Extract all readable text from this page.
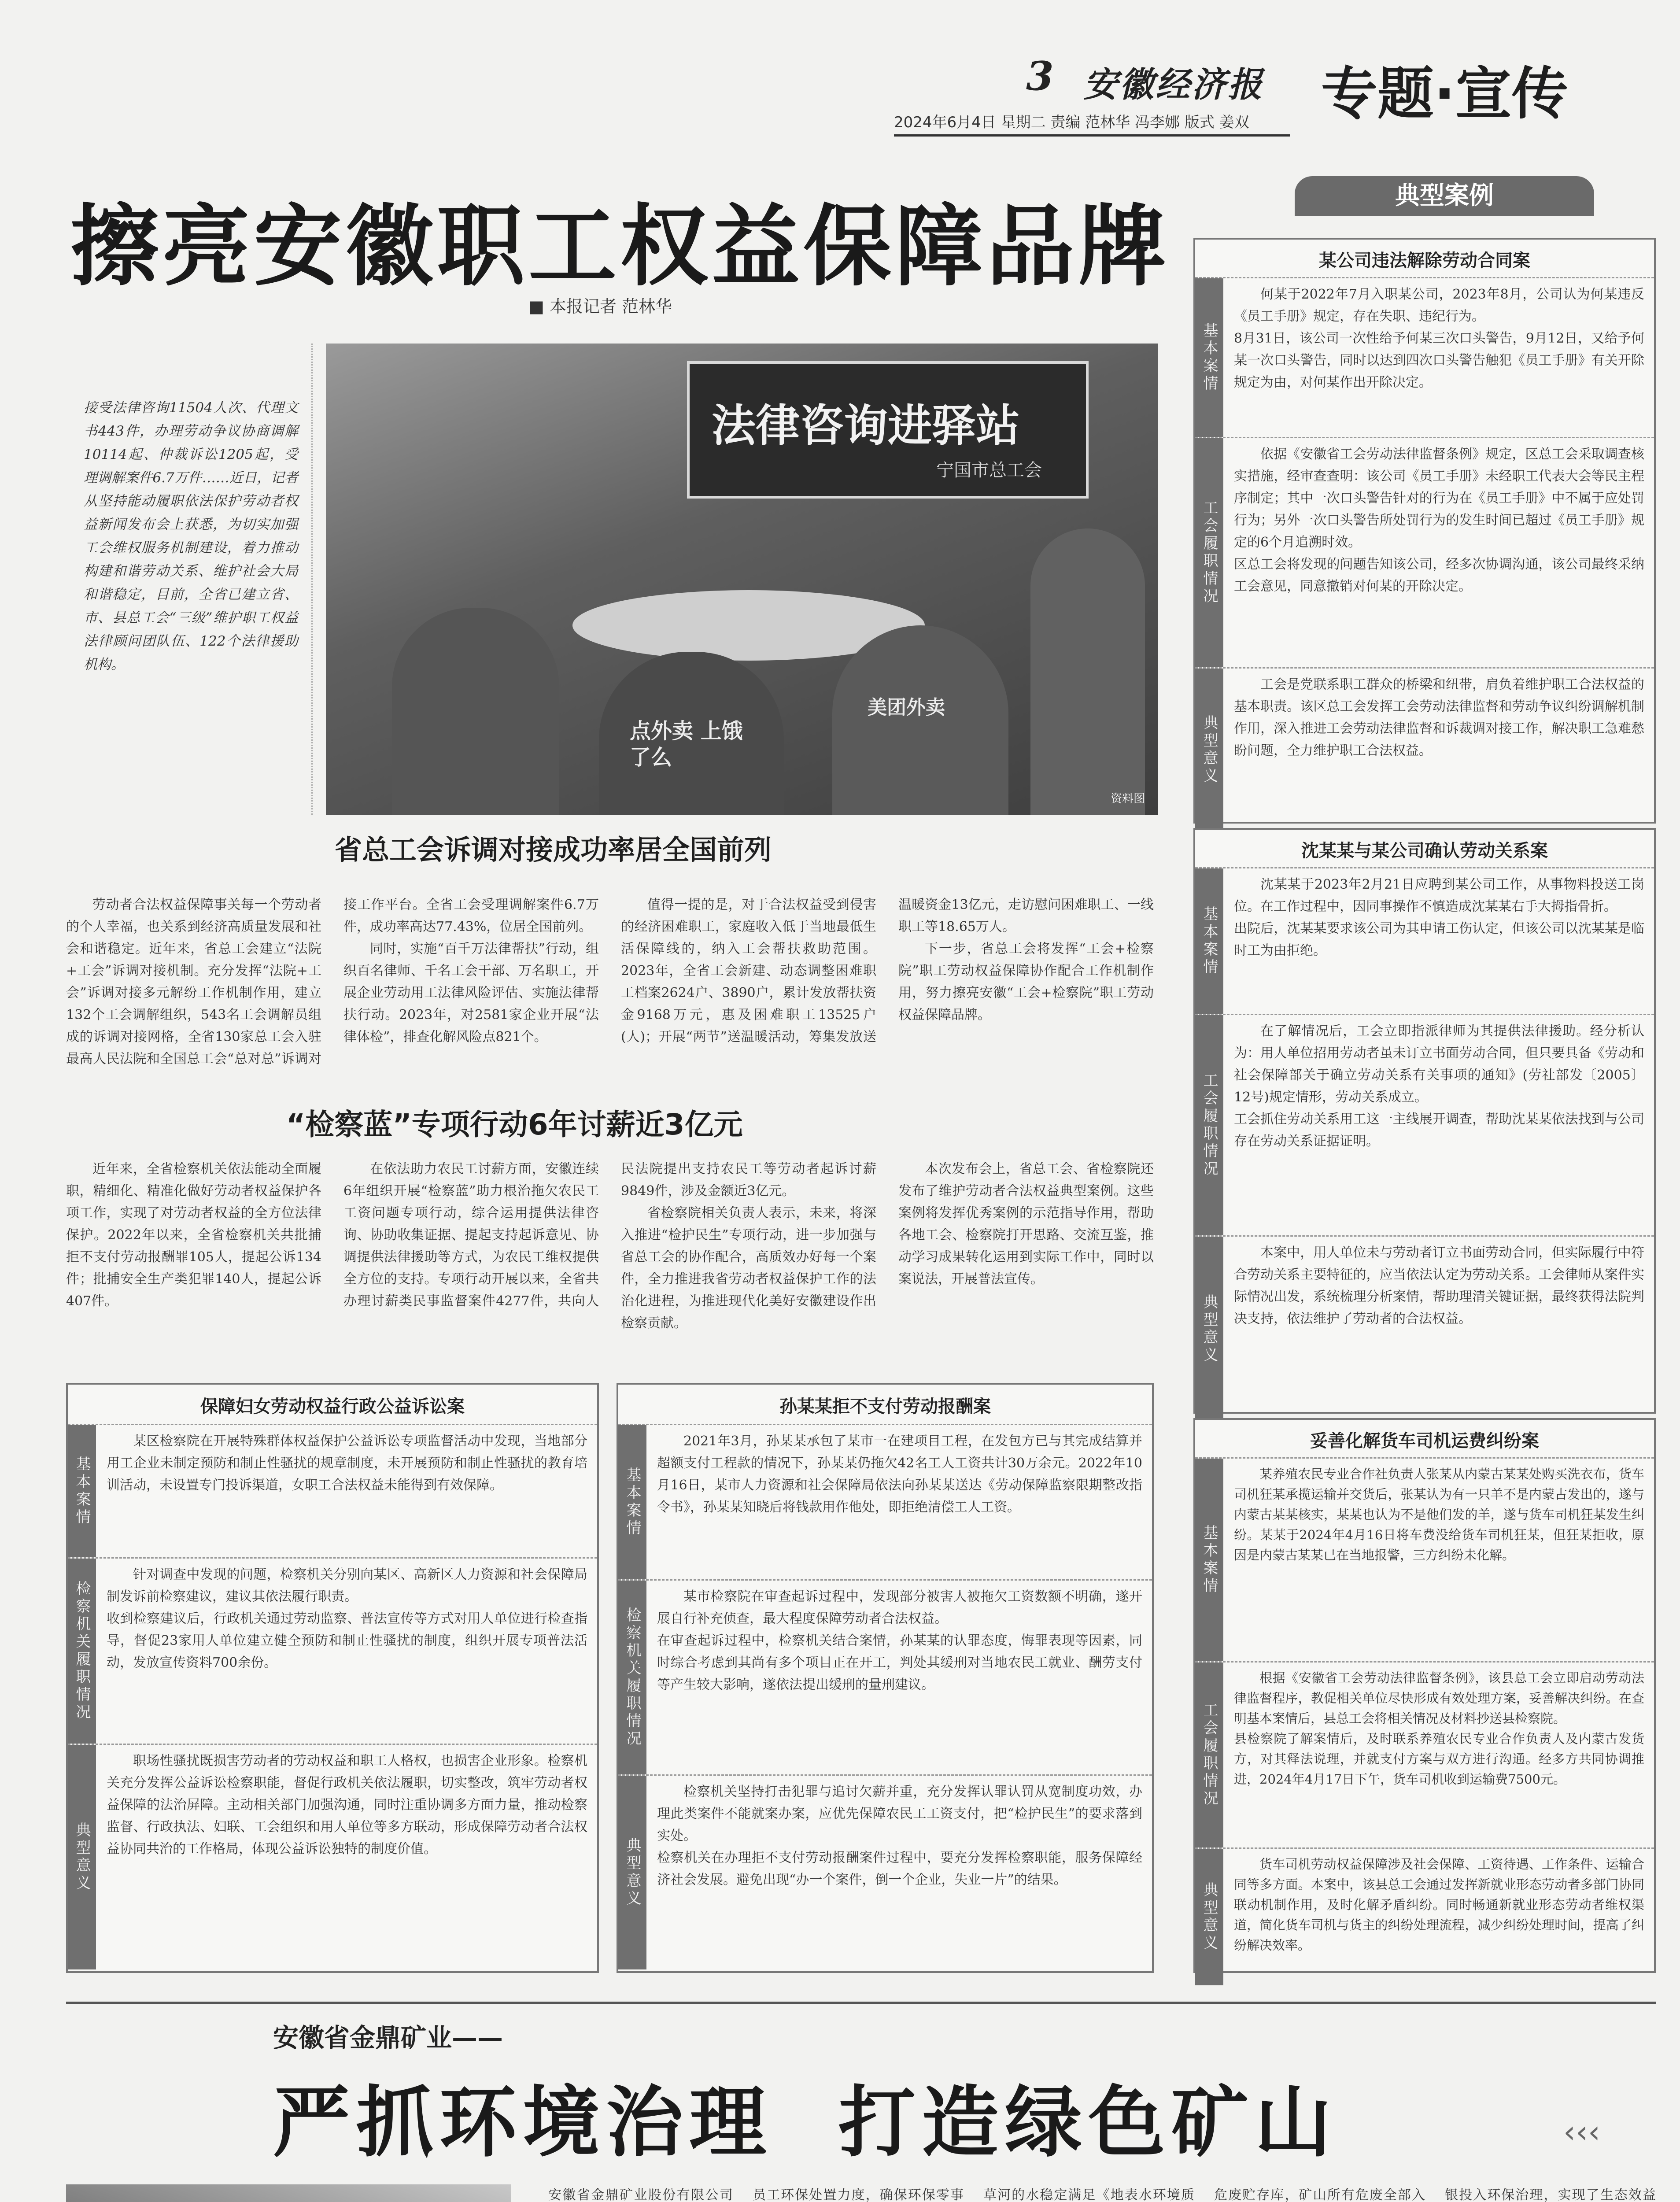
3 安徽经济报
2024年6月4日 星期二 责编 范林华 冯李娜 版式 姜双 专题·宣传
擦亮安徽职工权益保障品牌
■ 本报记者 范林华
接受法律咨询11504人次、代理文书443件，办理劳动争议协商调解10114起、仲裁诉讼1205起，受理调解案件6.7万件……近日，记者从坚持能动履职依法保护劳动者权益新闻发布会上获悉，为切实加强工会维权服务机制建设，着力推动构建和谐劳动关系、维护社会大局和谐稳定，目前，全省已建立省、市、县总工会“三级”维护职工权益法律顾问团队伍、122个法律援助机构。
法律咨询进驿站
宁国市总工会
点外卖 上饿了么
美团外卖
资料图
省总工会诉调对接成功率居全国前列

劳动者合法权益保障事关每一个劳动者的个人幸福，也关系到经济高质量发展和社会和谐稳定。近年来，省总工会建立“法院+工会”诉调对接机制。充分发挥“法院+工会”诉调对接多元解纷工作机制作用，建立132个工会调解组织，543名工会调解员组成的诉调对接网格，全省130家总工会入驻最高人民法院和全国总工会“总对总”诉调对接工作平台。全省工会受理调解案件6.7万件，成功率高达77.43%，位居全国前列。

同时，实施“百千万法律帮扶”行动，组织百名律师、千名工会干部、万名职工，开展企业劳动用工法律风险评估、实施法律帮扶行动。2023年，对2581家企业开展“法律体检”，排查化解风险点821个。

值得一提的是，对于合法权益受到侵害的经济困难职工，家庭收入低于当地最低生活保障线的，纳入工会帮扶救助范围。2023年，全省工会新建、动态调整困难职工档案2624户、3890户，累计发放帮扶资金9168万元，惠及困难职工13525户(人)；开展“两节”送温暖活动，筹集发放送温暖资金13亿元，走访慰问困难职工、一线职工等18.65万人。

下一步，省总工会将发挥“工会+检察院”职工劳动权益保障协作配合工作机制作用，努力擦亮安徽“工会+检察院”职工劳动权益保障品牌。

“检察蓝”专项行动6年讨薪近3亿元

近年来，全省检察机关依法能动全面履职，精细化、精准化做好劳动者权益保护各项工作，实现了对劳动者权益的全方位法律保护。2022年以来，全省检察机关共批捕拒不支付劳动报酬罪105人，提起公诉134件；批捕安全生产类犯罪140人，提起公诉407件。

在依法助力农民工讨薪方面，安徽连续6年组织开展“检察蓝”助力根治拖欠农民工工资问题专项行动，综合运用提供法律咨询、协助收集证据、提起支持起诉意见、协调提供法律援助等方式，为农民工维权提供全方位的支持。专项行动开展以来，全省共办理讨薪类民事监督案件4277件，共向人民法院提出支持农民工等劳动者起诉讨薪9849件，涉及金额近3亿元。

省检察院相关负责人表示，未来，将深入推进“检护民生”专项行动，进一步加强与省总工会的协作配合，高质效办好每一个案件，全力推进我省劳动者权益保护工作的法治化进程，为推进现代化美好安徽建设作出检察贡献。

本次发布会上，省总工会、省检察院还发布了维护劳动者合法权益典型案例。这些案例将发挥优秀案例的示范指导作用，帮助各地工会、检察院打开思路、交流互鉴，推动学习成果转化运用到实际工作中，同时以案说法，开展普法宣传。

保障妇女劳动权益行政公益诉讼案
基本案情
某区检察院在开展特殊群体权益保护公益诉讼专项监督活动中发现，当地部分用工企业未制定预防和制止性骚扰的规章制度，未开展预防和制止性骚扰的教育培训活动，未设置专门投诉渠道，女职工合法权益未能得到有效保障。
检察机关履职情况
针对调查中发现的问题，检察机关分别向某区、高新区人力资源和社会保障局制发诉前检察建议，建议其依法履行职责。
收到检察建议后，行政机关通过劳动监察、普法宣传等方式对用人单位进行检查指导，督促23家用人单位建立健全预防和制止性骚扰的制度，组织开展专项普法活动，发放宣传资料700余份。
典型意义
职场性骚扰既损害劳动者的劳动权益和职工人格权，也损害企业形象。检察机关充分发挥公益诉讼检察职能，督促行政机关依法履职，切实整改，筑牢劳动者权益保障的法治屏障。主动相关部门加强沟通，同时注重协调多方面力量，推动检察监督、行政执法、妇联、工会组织和用人单位等多方联动，形成保障劳动者合法权益协同共治的工作格局，体现公益诉讼独特的制度价值。
孙某某拒不支付劳动报酬案
基本案情
2021年3月，孙某某承包了某市一在建项目工程，在发包方已与其完成结算并超额支付工程款的情况下，孙某某仍拖欠42名工人工资共计30万余元。2022年10月16日，某市人力资源和社会保障局依法向孙某某送达《劳动保障监察限期整改指令书》，孙某某知晓后将钱款用作他处，即拒绝清偿工人工资。
检察机关履职情况
某市检察院在审查起诉过程中，发现部分被害人被拖欠工资数额不明确，遂开展自行补充侦查，最大程度保障劳动者合法权益。
在审查起诉过程中，检察机关结合案情，孙某某的认罪态度，悔罪表现等因素，同时综合考虑到其尚有多个项目正在开工，判处其缓刑对当地农民工就业、酬劳支付等产生较大影响，遂依法提出缓刑的量刑建议。
典型意义
检察机关坚持打击犯罪与追讨欠薪并重，充分发挥认罪认罚从宽制度功效，办理此类案件不能就案办案，应优先保障农民工工资支付，把“检护民生”的要求落到实处。
检察机关在办理拒不支付劳动报酬案件过程中，要充分发挥检察职能，服务保障经济社会发展。避免出现“办一个案件，倒一个企业，失业一片”的结果。
典型案例
某公司违法解除劳动合同案
基本案情
何某于2022年7月入职某公司，2023年8月，公司认为何某违反《员工手册》规定，存在失职、违纪行为。
8月31日，该公司一次性给予何某三次口头警告，9月12日，又给予何某一次口头警告，同时以达到四次口头警告触犯《员工手册》有关开除规定为由，对何某作出开除决定。
工会履职情况
依据《安徽省工会劳动法律监督条例》规定，区总工会采取调查核实措施，经审查查明：该公司《员工手册》未经职工代表大会等民主程序制定；其中一次口头警告针对的行为在《员工手册》中不属于应处罚行为；另外一次口头警告所处罚行为的发生时间已超过《员工手册》规定的6个月追溯时效。
区总工会将发现的问题告知该公司，经多次协调沟通，该公司最终采纳工会意见，同意撤销对何某的开除决定。
典型意义
工会是党联系职工群众的桥梁和纽带，肩负着维护职工合法权益的基本职责。该区总工会发挥工会劳动法律监督和劳动争议纠纷调解机制作用，深入推进工会劳动法律监督和诉裁调对接工作，解决职工急难愁盼问题，全力维护职工合法权益。
沈某某与某公司确认劳动关系案
基本案情
沈某某于2023年2月21日应聘到某公司工作，从事物料投送工岗位。在工作过程中，因同事操作不慎造成沈某某右手大拇指骨折。
出院后，沈某某要求该公司为其申请工伤认定，但该公司以沈某某是临时工为由拒绝。
工会履职情况
在了解情况后，工会立即指派律师为其提供法律援助。经分析认为：用人单位招用劳动者虽未订立书面劳动合同，但只要具备《劳动和社会保障部关于确立劳动关系有关事项的通知》(劳社部发〔2005〕12号)规定情形，劳动关系成立。
工会抓住劳动关系用工这一主线展开调查，帮助沈某某依法找到与公司存在劳动关系证据证明。
典型意义
本案中，用人单位未与劳动者订立书面劳动合同，但实际履行中符合劳动关系主要特征的，应当依法认定为劳动关系。工会律师从案件实际情况出发，系统梳理分析案情，帮助理清关键证据，最终获得法院判决支持，依法维护了劳动者的合法权益。
妥善化解货车司机运费纠纷案
基本案情
某养殖农民专业合作社负责人张某从内蒙古某某处购买洗衣布，货车司机狂某承揽运输并交货后，张某认为有一只羊不是内蒙古发出的，遂与内蒙古某某核实，某某也认为不是他们发的羊，遂与货车司机狂某发生纠纷。某某于2024年4月16日将车费没给货车司机狂某，但狂某拒收，原因是内蒙古某某已在当地报警，三方纠纷未化解。
工会履职情况
根据《安徽省工会劳动法律监督条例》，该县总工会立即启动劳动法律监督程序，教促相关单位尽快形成有效处理方案，妥善解决纠纷。在查明基本案情后，县总工会将相关情况及材料抄送县检察院。
县检察院了解案情后，及时联系养殖农民专业合作负责人及内蒙古发货方，对其释法说理，并就支付方案与双方进行沟通。经多方共同协调推进，2024年4月17日下午，货车司机收到运输费7500元。
典型意义
货车司机劳动权益保障涉及社会保障、工资待遇、工作条件、运输合同等多方面。本案中，该县总工会通过发挥新就业形态劳动者多部门协同联动机制作用，及时化解矛盾纠纷。同时畅通新就业形态劳动者维权渠道，简化货车司机与货主的纠纷处理流程，减少纠纷处理时间，提高了纠纷解决效率。
安徽省金鼎矿业——
严抓环境治理  打造绿色矿山	‹‹‹

安徽省金鼎矿业股份有限公司	员工环保处置力度，确保环保零事	草河的水稳定满足《地表水环境质	危废贮存库，矿山所有危废全部入	银投入环保治理，实现了生态效益
